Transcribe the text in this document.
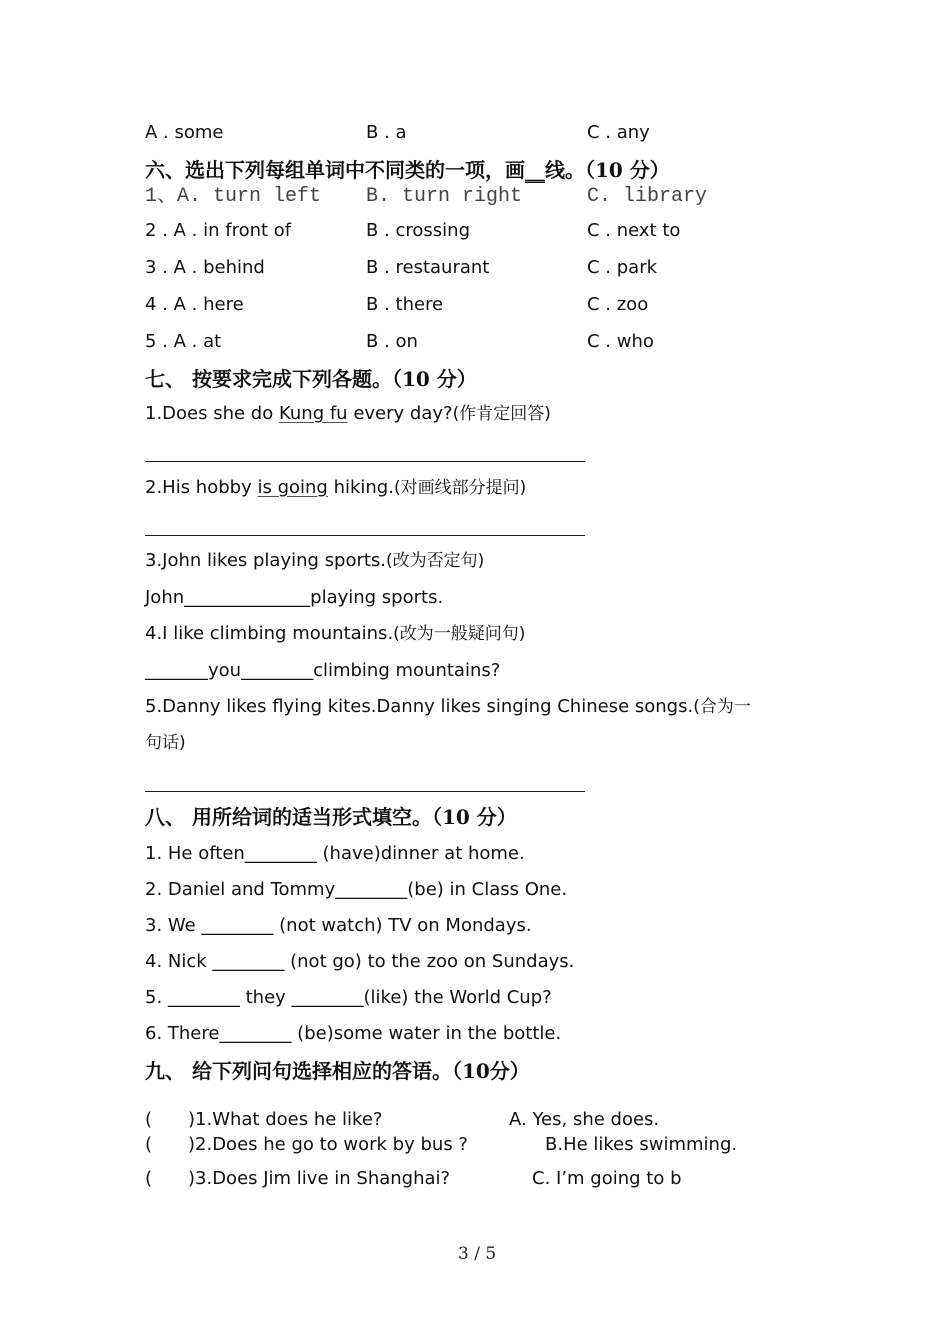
A . some	B . a	C . any
六、选出下列每组单词中不同类的一项，画__线。（10 分）
1、A. turn left B. turn right	C. library
2 . A . in front of	B . crossing	C . next to
3 . A . behind	B . restaurant	C . park
4 . A . here	B . there	C . zoo
5 . A . at	B . on	C . who
七、 按要求完成下列各题。（10 分）
1.Does she do Kung fu every day?(作肯定回答)
2.His hobby is going hiking.(对画线部分提问)
3.John likes playing sports.(改为否定句)
John______________playing sports.
4.I like climbing mountains.(改为一般疑问句)
_______you________climbing mountains?
5.Danny likes flying kites.Danny likes singing Chinese songs.(合为一
句话)
八、 用所给词的适当形式填空。（10 分）
1. He often________ (have)dinner at home.
2. Daniel and Tommy________(be) in Class One.
3. We ________ (not watch) TV on Mondays.
4. Nick ________ (not go) to the zoo on Sundays.
5. ________ they ________(like) the World Cup?
6. There________ (be)some water in the bottle.
九、 给下列问句选择相应的答语。（10分）
( )1.What does he like?	A. Yes, she does.
( )2.Does he go to work by bus ?	B.He likes swimming.
( )3.Does Jim live in Shanghai?	C. I’m going to b
3 / 5
